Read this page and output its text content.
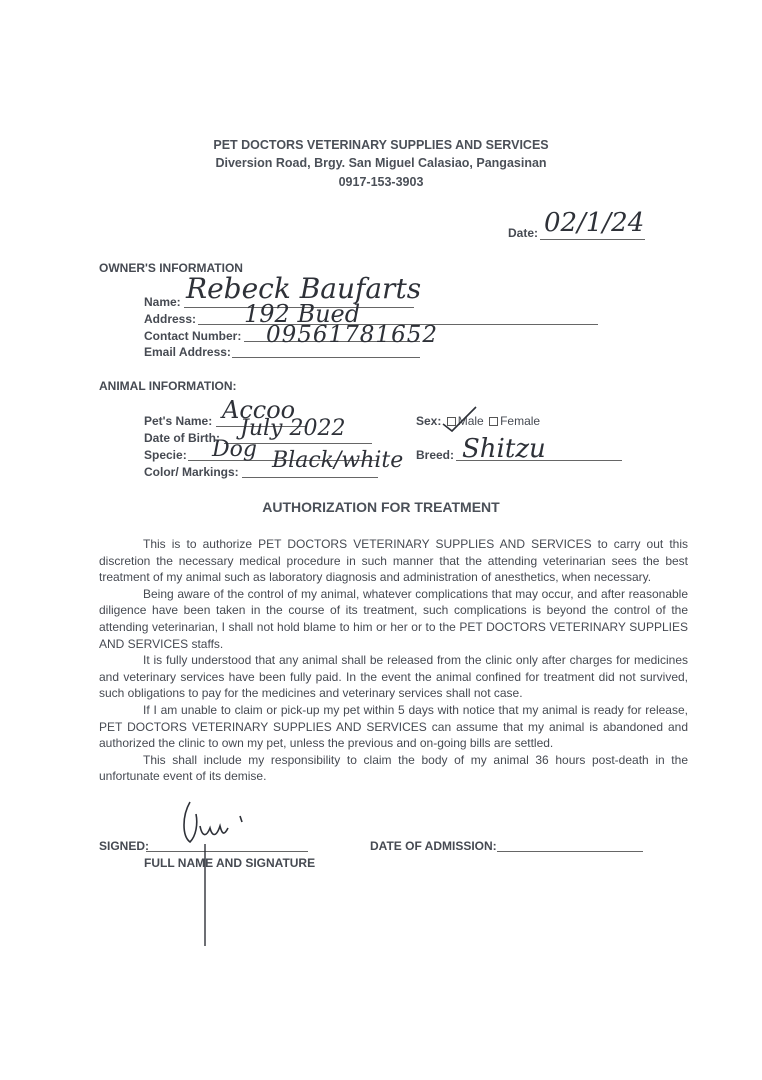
PET DOCTORS VETERINARY SUPPLIES AND SERVICES
Diversion Road, Brgy. San Miguel Calasiao, Pangasinan
0917-153-3903
Date: 02/1/24
OWNER'S INFORMATION
Name: Rebeck Baufarts
Address: 192 Bued
Contact Number: 09561781652
Email Address:
ANIMAL INFORMATION:
Pet's Name: Accoo
Date of Birth: July 2022
Specie: Dog
Color/ Markings: Black/white
Sex: Male Female
Breed: Shitzu
AUTHORIZATION FOR TREATMENT

This is to authorize PET DOCTORS VETERINARY SUPPLIES AND SERVICES to carry out this discretion the necessary medical procedure in such manner that the attending veterinarian sees the best treatment of my animal such as laboratory diagnosis and administration of anesthetics, when necessary.

Being aware of the control of my animal, whatever complications that may occur, and after reasonable diligence have been taken in the course of its treatment, such complications is beyond the control of the attending veterinarian, I shall not hold blame to him or her or to the PET DOCTORS VETERINARY SUPPLIES AND SERVICES staffs.

It is fully understood that any animal shall be released from the clinic only after charges for medicines and veterinary services have been fully paid. In the event the animal confined for treatment did not survived, such obligations to pay for the medicines and veterinary services shall not case.

If I am unable to claim or pick-up my pet within 5 days with notice that my animal is ready for release, PET DOCTORS VETERINARY SUPPLIES AND SERVICES can assume that my animal is abandoned and authorized the clinic to own my pet, unless the previous and on-going bills are settled.

This shall include my responsibility to claim the body of my animal 36 hours post-death in the unfortunate event of its demise.

SIGNED:
FULL NAME AND SIGNATURE
DATE OF ADMISSION:
